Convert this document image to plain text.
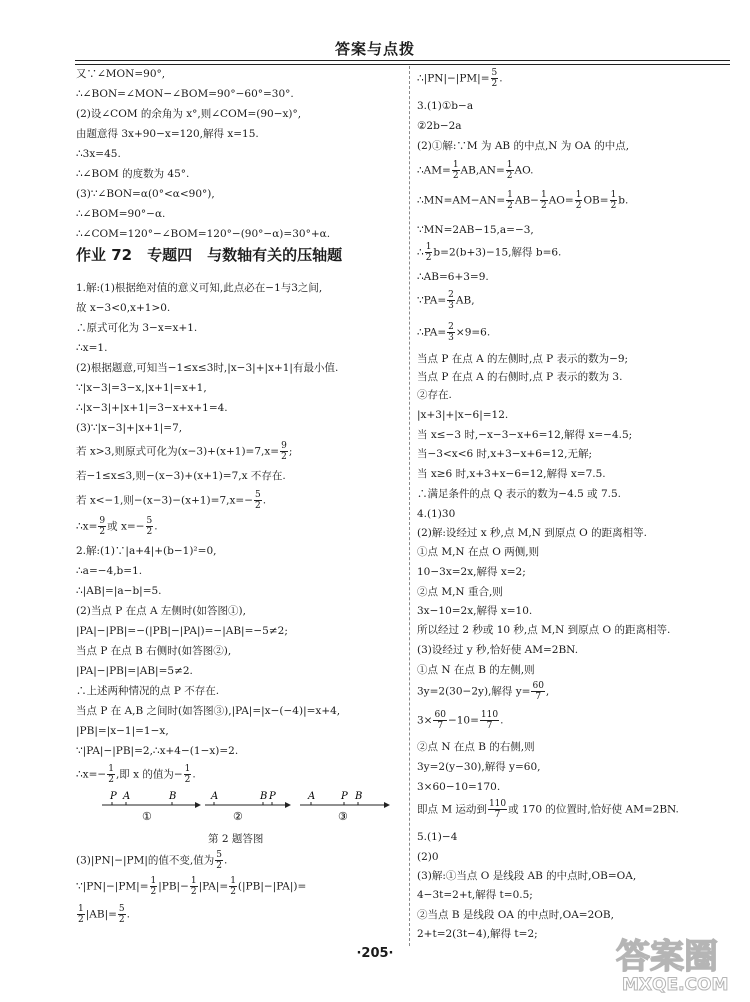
答案与点拨
又∵∠MON=90°,
∴∠BON=∠MON−∠BOM=90°−60°=30°.
(2)设∠COM 的余角为 x°,则∠COM=(90−x)°,
由题意得 3x+90−x=120,解得 x=15.
∴3x=45.
∴∠BOM 的度数为 45°.
(3)∵∠BON=α(0°<α<90°),
∴∠BOM=90°−α.
∴∠COM=120°−∠BOM=120°−(90°−α)=30°+α.
1.解:(1)根据绝对值的意义可知,此点必在−1与3之间,
故 x−3<0,x+1>0.
∴原式可化为 3−x=x+1.
∴x=1.
(2)根据题意,可知当−1≤x≤3时,|x−3|+|x+1|有最小值.
∵|x−3|=3−x,|x+1|=x+1,
∴|x−3|+|x+1|=3−x+x+1=4.
(3)∵|x−3|+|x+1|=7,
若 x>3,则原式可化为$(x-3)+(x+1)=7,x= \frac{9}{2}$ ;
若−1≤x≤3,则−(x−3)+(x+1)=7,x 不存在.
若 x<−1,则$-(x-3)-(x+1)=7,x=- \frac{5}{2}$ .
∴x= $\frac{9}{2}$ 或 $x=- \frac{5}{2}$ .
2.解:(1)∵|a+4|+(b−1)²=0,
∴a=−4,b=1.
∴|AB|=|a−b|=5.
(2)当点 P 在点 A 左侧时(如答图①),
|PA|−|PB|=−(|PB|−|PA|)=−|AB|=−5≠2;
当点 P 在点 B 右侧时(如答图②),
|PA|−|PB|=|AB|=5≠2.
∴上述两种情况的点 P 不存在.
当点 P 在 A,B 之间时(如答图③),|PA|=|x−(−4)|=x+4,
|PB|=|x−1|=1−x,
∵|PA|−|PB|=2,∴x+4−(1−x)=2.
∴x=− $\frac{1}{2}$ ,即 x 的值为− $\frac{1}{2}$ .
(3)|PN|−|PM|的值不变,值为 $\frac{5}{2}$ .
∵|PN|−|PM|= $\frac{1}{2} |PB|- \frac{1}{2} |PA|= \frac{1}{2} (|PB|-|PA|)=$
$\frac{1}{2} |AB|= \frac{5}{2}$ .
作业 72　专题四　与数轴有关的压轴题
P A	B
①
A	B P
②
A	P B
③
第 2 题答图
∴|PN|−|PM|= $\frac{5}{2}$ .
3.(1)①b−a
②2b−2a
(2)①解:∵M 为 AB 的中点,N 为 OA 的中点,
∴AM= $\frac{1}{2} AB,AN= \frac{1}{2}$ AO.
∴MN=AM−AN= $\frac{1}{2} AB- \frac{1}{2} AO= \frac{1}{2} OB= \frac{1}{2} b$.
∵MN=2AB−15,a=−3,
∴ $\frac{1}{2} b=2(b+3)-15$,解得 b=6.
∴AB=6+3=9.
∵PA= $\frac{2}{3}$ AB,
∴PA= $\frac{2}{3} \times 9=6$.
当点 P 在点 A 的左侧时,点 P 表示的数为−9;
当点 P 在点 A 的右侧时,点 P 表示的数为 3.
②存在.
|x+3|+|x−6|=12.
当 x≤−3 时,−x−3−x+6=12,解得 x=−4.5;
当−3<x<6 时,x+3−x+6=12,无解;
当 x≥6 时,x+3+x−6=12,解得 x=7.5.
∴满足条件的点 Q 表示的数为−4.5 或 7.5.
4.(1)30
(2)解:设经过 x 秒,点 M,N 到原点 O 的距离相等.
①点 M,N 在点 O 两侧,则
10−3x=2x,解得 x=2;
②点 M,N 重合,则
3x−10=2x,解得 x=10.
所以经过 2 秒或 10 秒,点 M,N 到原点 O 的距离相等.
(3)设经过 y 秒,恰好使 AM=2BN.
①点 N 在点 B 的左侧,则
3y=2(30−2y),解得 $y= \frac{60}{7}$ ,
$3\times \frac{60}{7} -10= \frac{110}{7}$ .
②点 N 在点 B 的右侧,则
3y=2(y−30),解得 y=60,
3×60−10=170.
即点 M 运动到 $\frac{110}{7}$ 或 170 的位置时,恰好使 AM=2BN.
5.(1)−4
(2)0
(3)解:①当点 O 是线段 AB 的中点时,OB=OA,
4−3t=2+t,解得 t=0.5;
②当点 B 是线段 OA 的中点时,OA=2OB,
2+t=2(3t−4),解得 t=2;
·205·	答案圈
MXQE.COM
